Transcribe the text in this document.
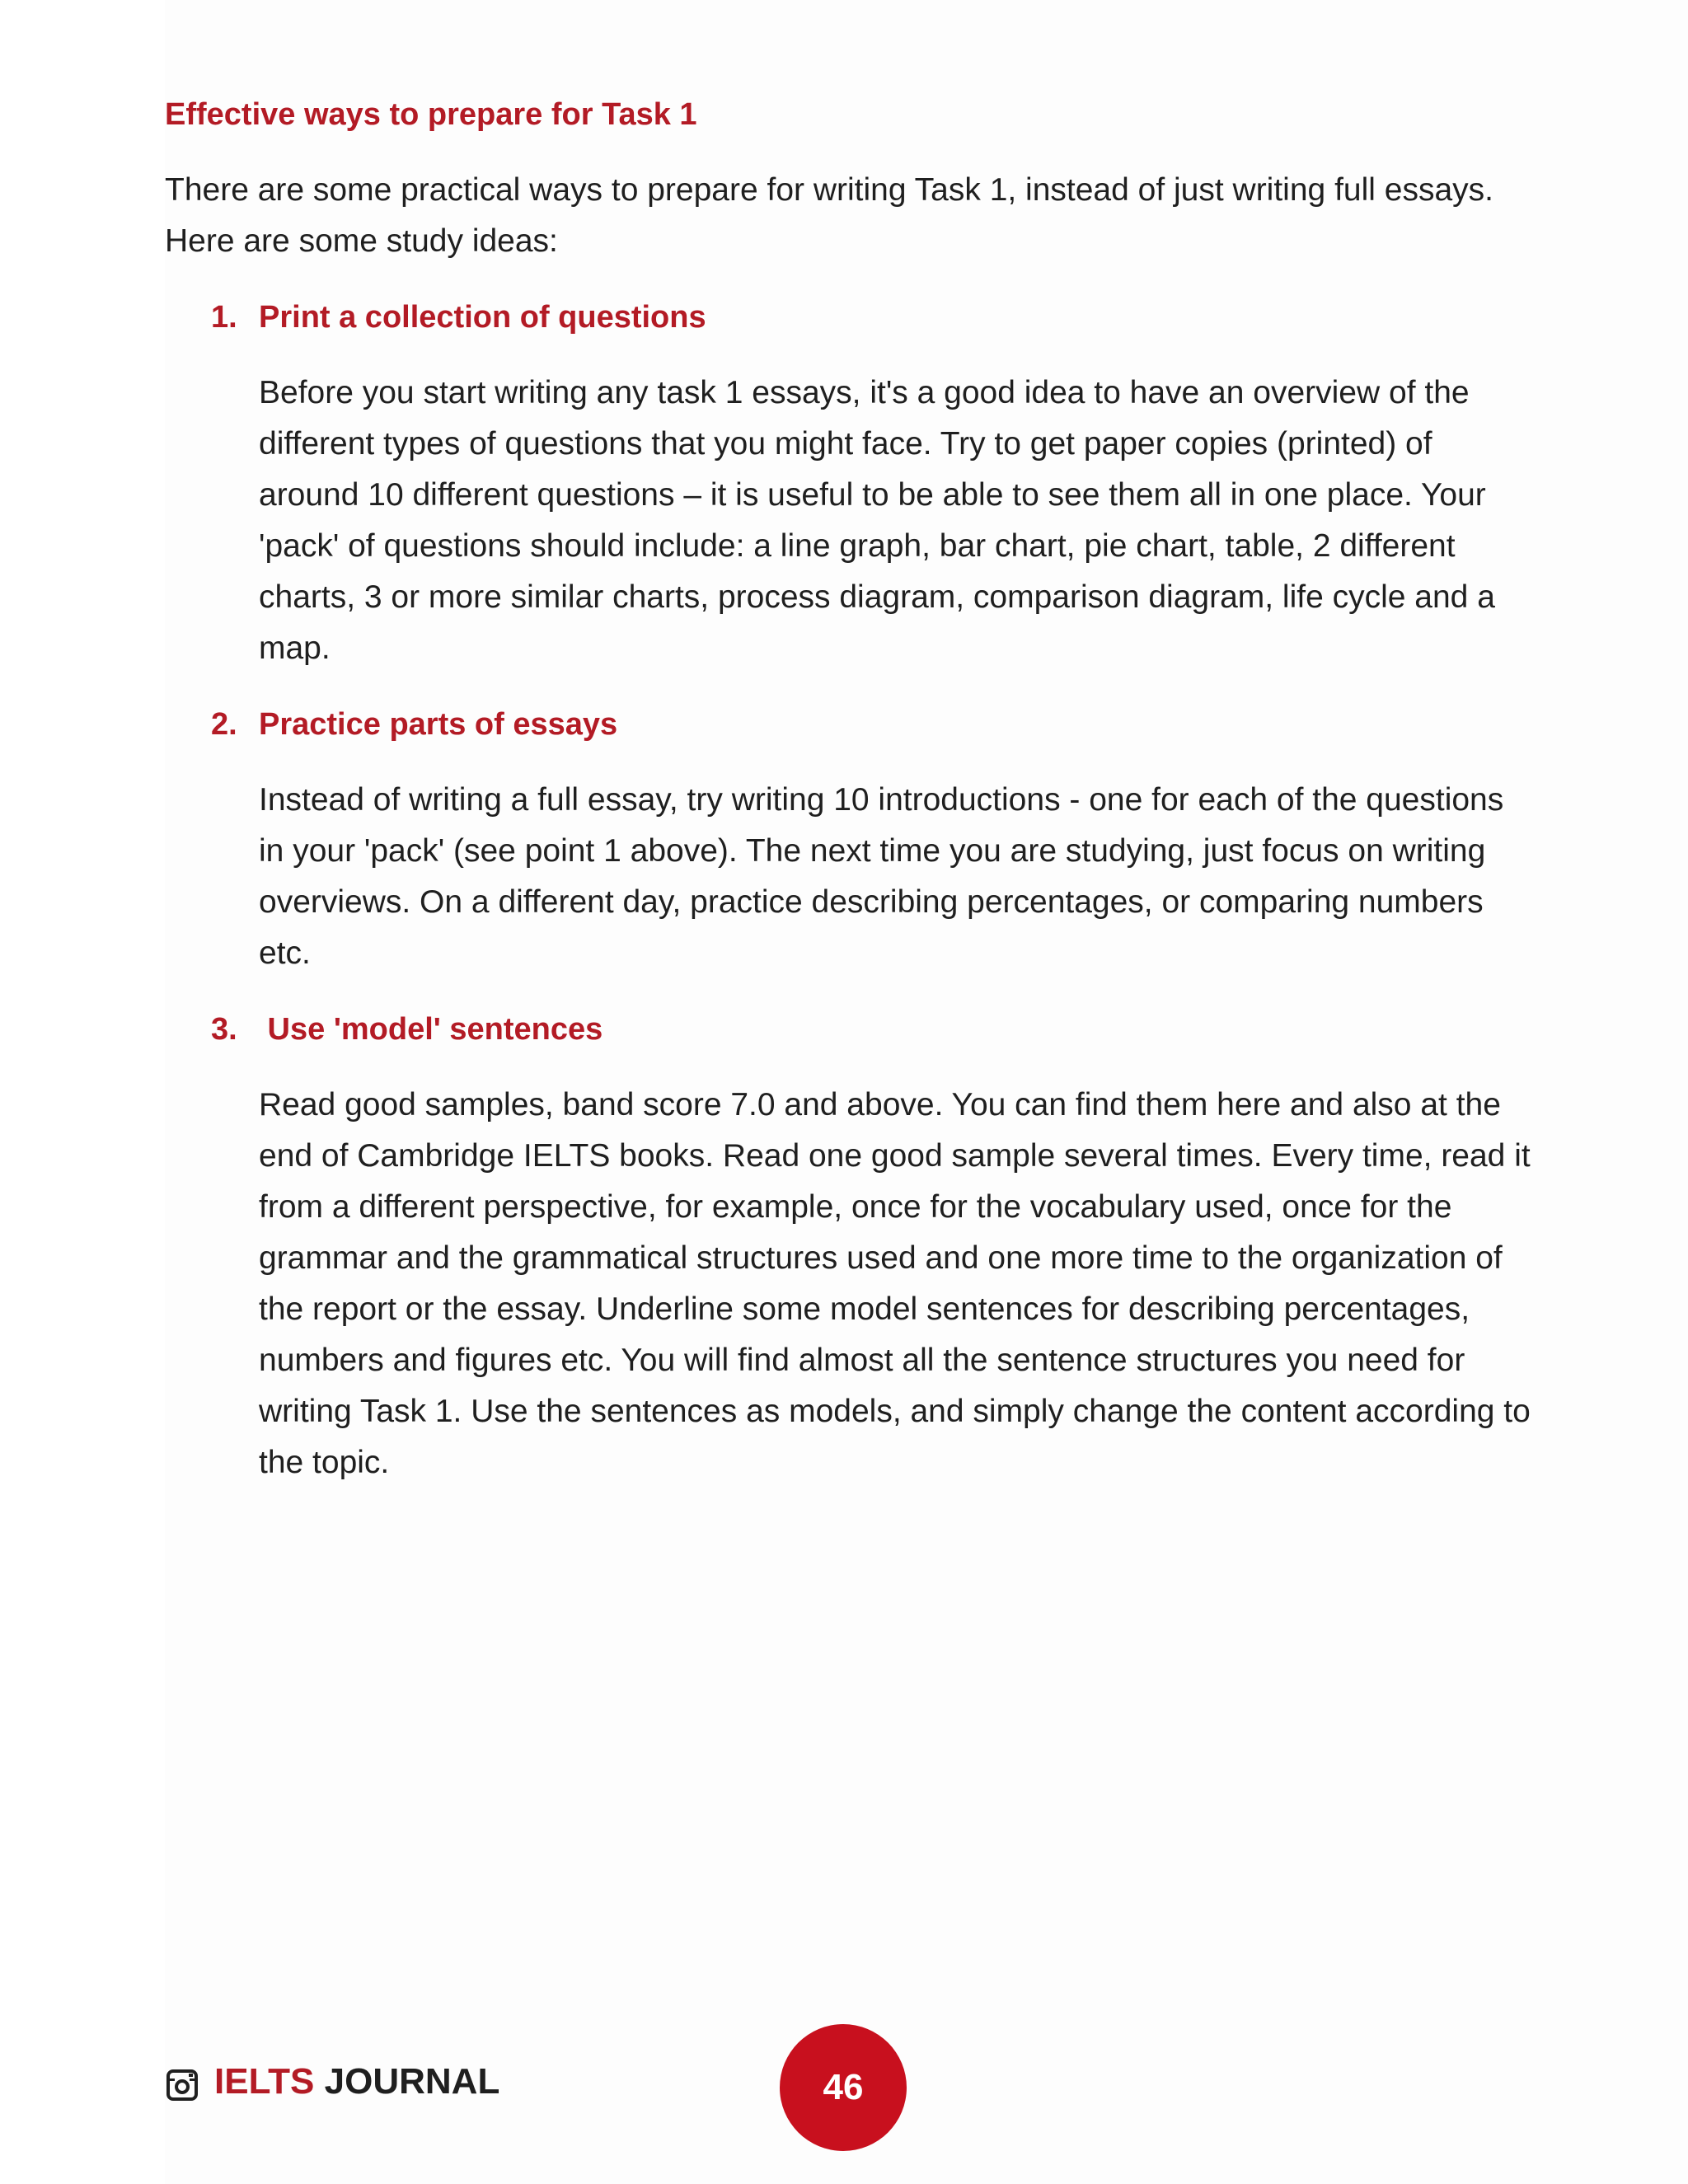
Effective ways to prepare for Task 1
There are some practical ways to prepare for writing Task 1, instead of just writing full essays. Here are some study ideas:
1. Print a collection of questions
Before you start writing any task 1 essays, it's a good idea to have an overview of the different types of questions that you might face. Try to get paper copies (printed) of around 10 different questions – it is useful to be able to see them all in one place. Your 'pack' of questions should include: a line graph, bar chart, pie chart, table, 2 different charts, 3 or more similar charts, process diagram, comparison diagram, life cycle and a map.
2. Practice parts of essays
Instead of writing a full essay, try writing 10 introductions - one for each of the questions in your 'pack' (see point 1 above). The next time you are studying, just focus on writing overviews. On a different day, practice describing percentages, or comparing numbers etc.
3. Use 'model' sentences
Read good samples, band score 7.0 and above. You can find them here and also at the end of Cambridge IELTS books. Read one good sample several times. Every time, read it from a different perspective, for example, once for the vocabulary used, once for the grammar and the grammatical structures used and one more time to the organization of the report or the essay. Underline some model sentences for describing percentages, numbers and figures etc. You will find almost all the sentence structures you need for writing Task 1. Use the sentences as models, and simply change the content according to the topic.
IELTS JOURNAL	46
